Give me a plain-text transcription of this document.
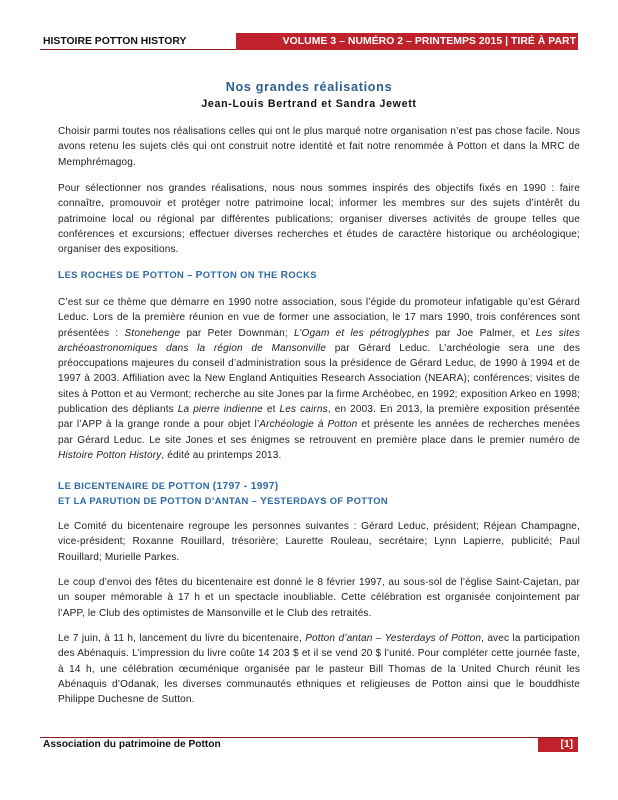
HISTOIRE POTTON HISTORY	VOLUME 3 – NUMÉRO 2 – PRINTEMPS 2015 | TIRÉ À PART
Nos grandes réalisations
Jean-Louis Bertrand et Sandra Jewett

Choisir parmi toutes nos réalisations celles qui ont le plus marqué notre organisation n’est pas chose facile. Nous avons retenu les sujets clés qui ont construit notre identité et fait notre renommée à Potton et dans la MRC de Memphrémagog.

Pour sélectionner nos grandes réalisations, nous nous sommes inspirés des objectifs fixés en 1990 : faire connaître, promouvoir et protéger notre patrimoine local; informer les membres sur des sujets d’intérêt du patrimoine local ou régional par différentes publications; organiser diverses activités de groupe telles que conférences et excursions; effectuer diverses recherches et études de caractère historique ou archéologique; organiser des expositions.

LES ROCHES DE POTTON – POTTON ON THE ROCKS

C’est sur ce thème que démarre en 1990 notre association, sous l’égide du promoteur infatigable qu’est Gérard Leduc. Lors de la première réunion en vue de former une association, le 17 mars 1990, trois conférences sont présentées : Stonehenge par Peter Downman; L’Ogam et les pétroglyphes par Joe Palmer, et Les sites archéoastronomiques dans la région de Mansonville par Gérard Leduc. L’archéologie sera une des préoccupations majeures du conseil d’administration sous la présidence de Gérard Leduc, de 1990 à 1994 et de 1997 à 2003. Affiliation avec la New England Antiquities Research Association (NEARA); conférences; visites de sites à Potton et au Vermont; recherche au site Jones par la firme Archéobec, en 1992; exposition Arkeo en 1998; publication des dépliants La pierre indienne et Les cairns, en 2003. En 2013, la première exposition présentée par l’APP à la grange ronde a pour objet l’Archéologie à Potton et présente les années de recherches menées par Gérard Leduc. Le site Jones et ses énigmes se retrouvent en première place dans le premier numéro de Histoire Potton History, édité au printemps 2013.

LE BICENTENAIRE DE POTTON (1797 - 1997)
ET LA PARUTION DE POTTON D’ANTAN – YESTERDAYS OF POTTON

Le Comité du bicentenaire regroupe les personnes suivantes : Gérard Leduc, président; Réjean Champagne, vice-président; Roxanne Rouillard, trésorière; Laurette Rouleau, secrétaire; Lynn Lapierre, publicité; Paul Rouillard; Murielle Parkes.

Le coup d’envoi des fêtes du bicentenaire est donné le 8 février 1997, au sous-sol de l’église Saint-Cajetan, par un souper mémorable à 17 h et un spectacle inoubliable. Cette célébration est organisée conjointement par l’APP, le Club des optimistes de Mansonville et le Club des retraités.

Le 7 juin, à 11 h, lancement du livre du bicentenaire, Potton d’antan – Yesterdays of Potton, avec la participation des Abénaquis. L’impression du livre coûte 14 203 $ et il se vend 20 $ l’unité. Pour compléter cette journée faste, à 14 h, une célébration œcuménique organisée par le pasteur Bill Thomas de la United Church réunit les Abénaquis d’Odanak, les diverses communautés ethniques et religieuses de Potton ainsi que le bouddhiste Philippe Duchesne de Sutton.

Association du patrimoine de Potton	[1]
